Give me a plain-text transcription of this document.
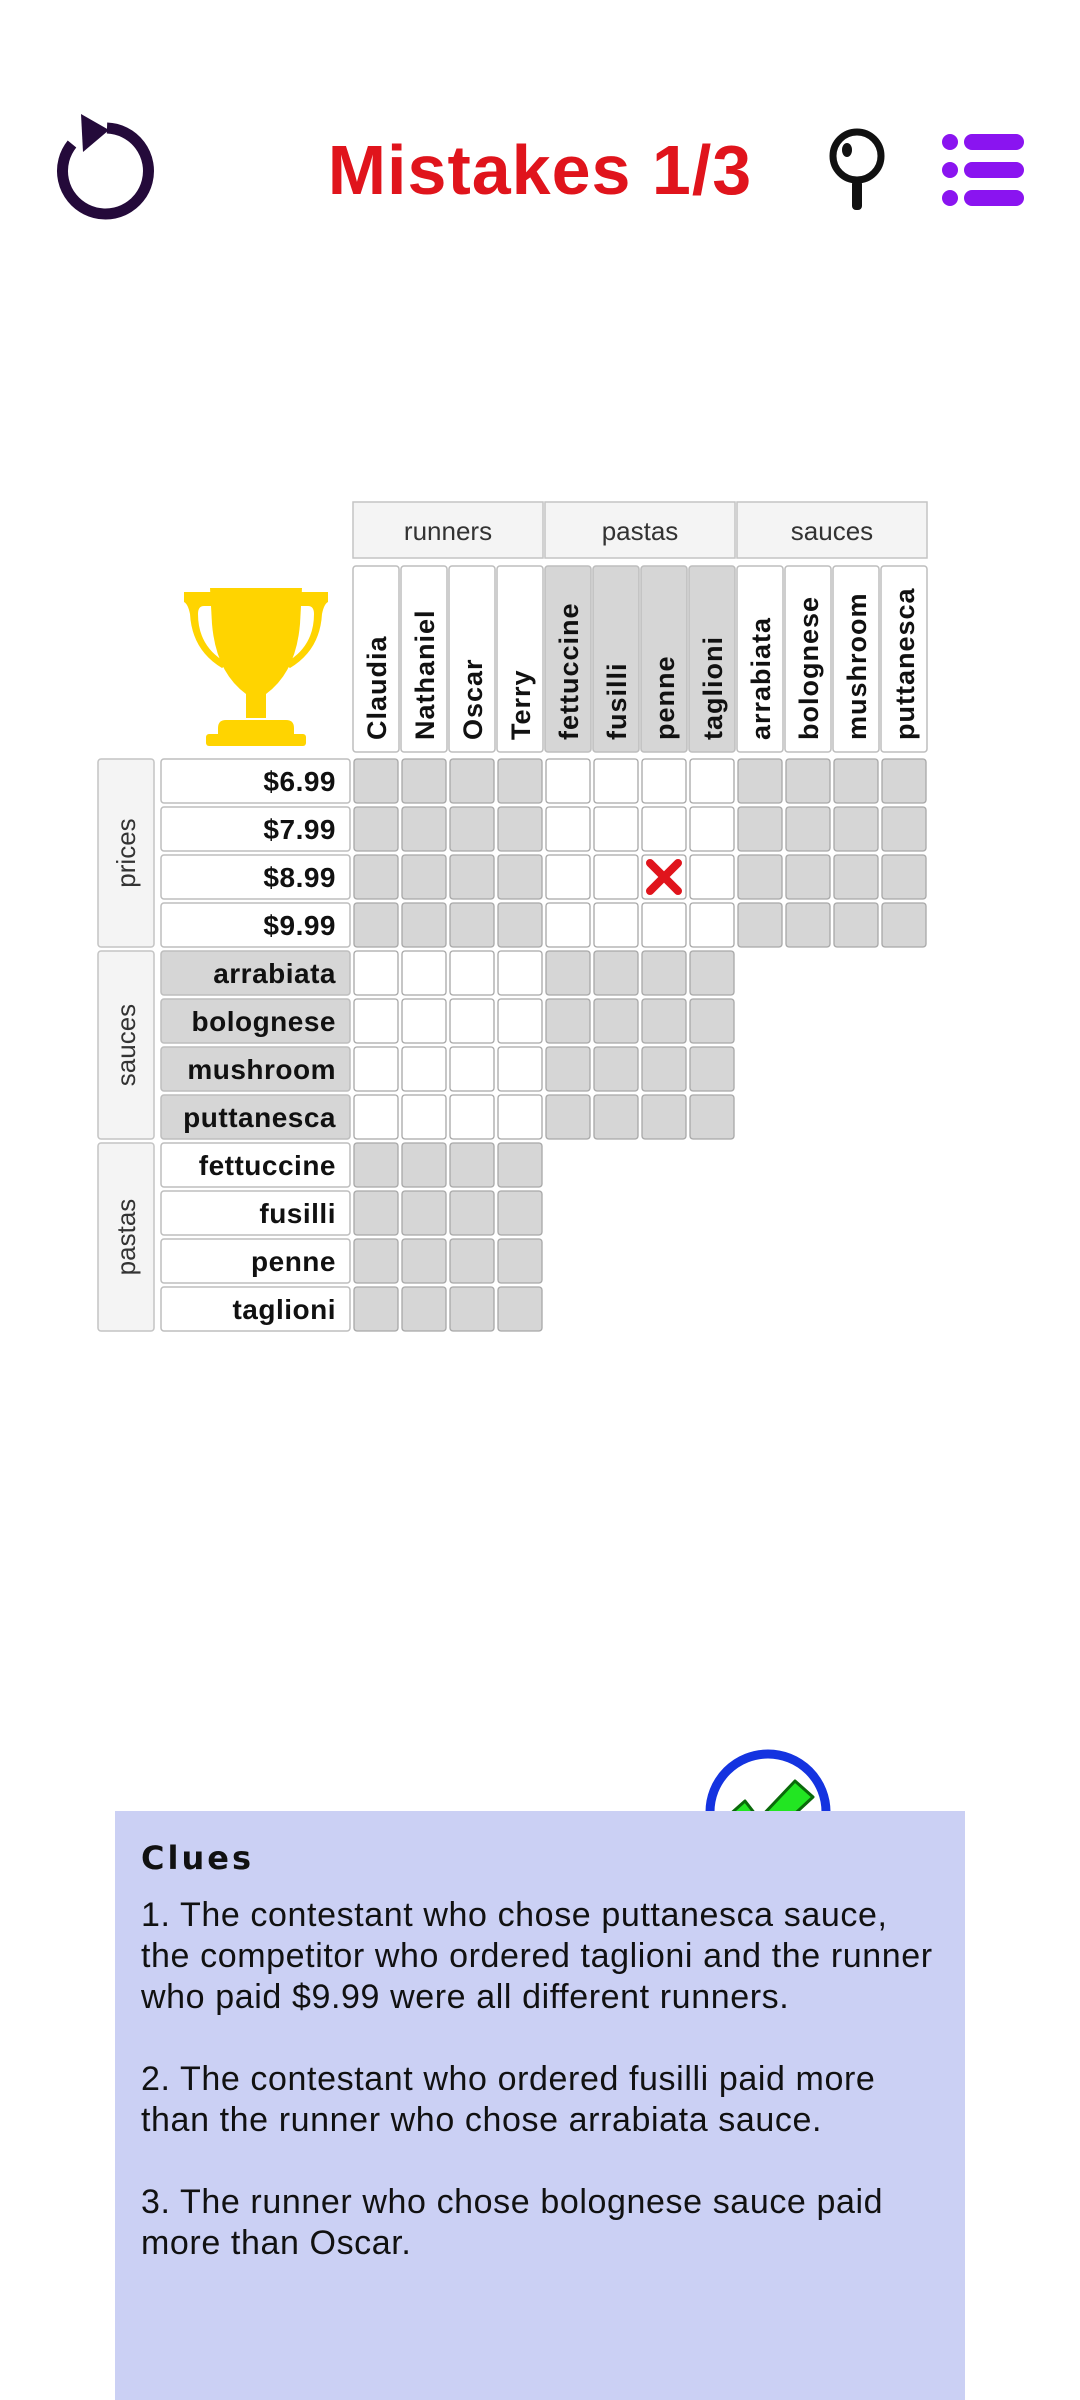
Mistakes 1/3
runners
Claudia Nathaniel Oscar Terry
pastas
fettuccine fusilli penne taglioni
sauces
arrabiata bolognese mushroom puttanesca
prices
$6.99
$7.99
$8.99
$9.99
sauces
arrabiata
bolognese
mushroom
puttanesca
pastas
fettuccine
fusilli
penne
taglioni
Clues
1. The contestant who chose puttanesca sauce, the competitor who ordered taglioni and the runner who paid $9.99 were all different runners.
2. The contestant who ordered fusilli paid more than the runner who chose arrabiata sauce.
3. The runner who chose bolognese sauce paid more than Oscar.
